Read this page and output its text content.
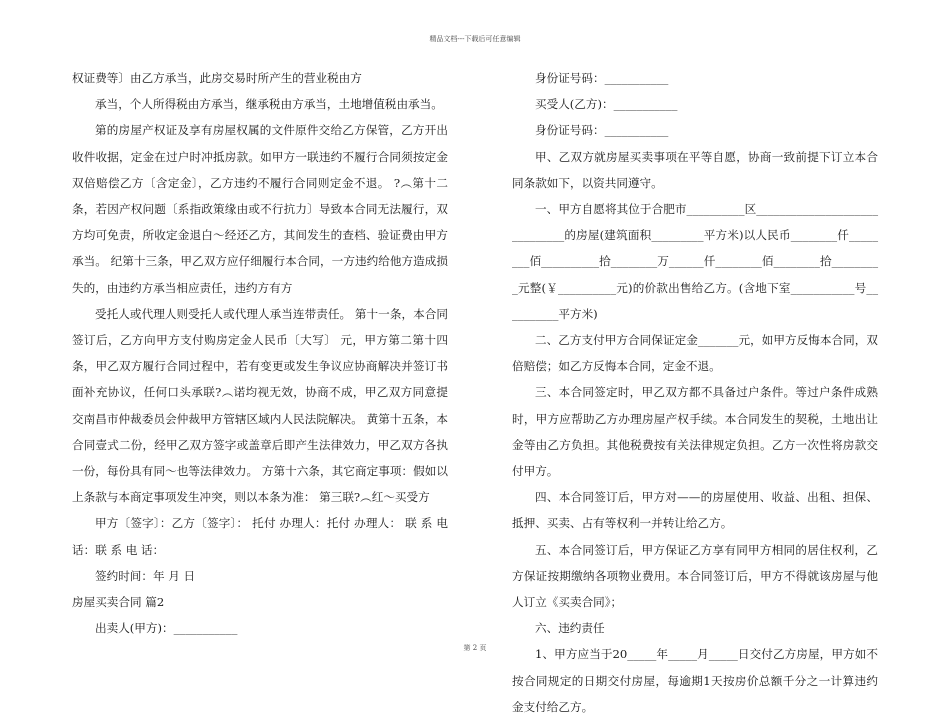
精品文档---下载后可任意编辑

权证费等〕由乙方承当，此房交易时所产生的营业税由方

承当，个人所得税由方承当，继承税由方承当，土地增值税由承当。

第的房屋产权证及享有房屋权属的文件原件交给乙方保管，乙方开出收件收据，定金在过户时冲抵房款。如甲方一联违约不履行合同须按定金双倍赔偿乙方〔含定金〕，乙方违约不履行合同则定金不退。 ?︵第十二条，若因产权问题〔系指政策缘由或不行抗力〕导致本合同无法履行，双方均可免责，所收定金退白〜经还乙方，其间发生的查档、验证费由甲方承当。 纪第十三条，甲乙双方应仔细履行本合同，一方违约给他方造成损失的，由违约方承当相应责任，违约方有方

受托人或代理人则受托人或代理人承当连带责任。 第十一条，本合同签订后，乙方向甲方支付购房定金人民币〔大写〕 元，甲方第二第十四条，甲乙双方履行合同过程中，若有变更或发生争议应协商解决并签订书面补充协议，任何口头承联?︵诺均视无效，协商不成，甲乙双方同意提交南昌市仲裁委员会仲裁甲方管辖区域内人民法院解决。 黄第十五条，本合同壹式二份，经甲乙双方签字或盖章后即产生法律效力，甲乙双方各执一份，每份具有同〜也等法律效力。 方第十六条，其它商定事项：假如以上条款与本商定事项发生冲突，则以本条为准： 第三联?︵红〜买受方

甲方〔签字〕：乙方〔签字〕： 托付 办理人：托付 办理人： 联 系 电话：联 系 电 话：

签约时间：年 月 日

房屋买卖合同 篇2

出卖人(甲方)：___________

身份证号码：___________

买受人(乙方)：___________

身份证号码：___________

甲、乙双方就房屋买卖事项在平等自愿，协商一致前提下订立本合同条款如下，以资共同遵守。

一、甲方自愿将其位于合肥市__________区______________________________的房屋(建筑面积_________平方米)以人民币________仟________佰__________拾________万______仟________佰________拾_________元整(￥__________元)的价款出售给乙方。(含地下室___________号__________平方米)

二、乙方支付甲方合同保证定金_______元，如甲方反悔本合同，双倍赔偿；如乙方反悔本合同，定金不退。

三、本合同签定时，甲乙双方都不具备过户条件。等过户条件成熟时，甲方应帮助乙方办理房屋产权手续。本合同发生的契税，土地出让金等由乙方负担。其他税费按有关法律规定负担。乙方一次性将房款交付甲方。

四、本合同签订后，甲方对——的房屋使用、收益、出租、担保、抵押、买卖、占有等权利一并转让给乙方。

五、本合同签订后，甲方保证乙方享有同甲方相同的居住权利，乙方保证按期缴纳各项物业费用。本合同签订后，甲方不得就该房屋与他人订立《买卖合同》；

六、违约责任

1、甲方应当于20_____年_____月_____日交付乙方房屋，甲方如不按合同规定的日期交付房屋，每逾期1天按房价总额千分之一计算违约金支付给乙方。

第 2 页
